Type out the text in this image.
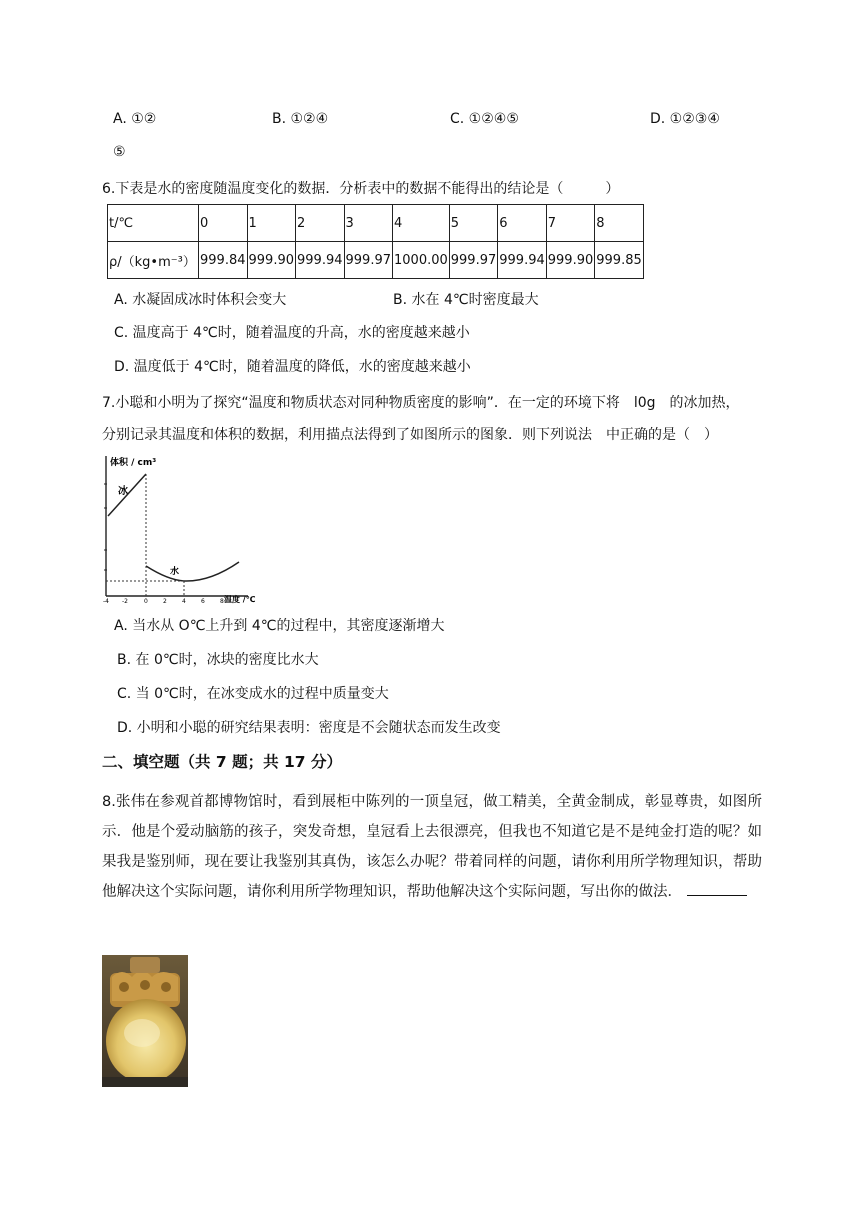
A. ①②	B. ①②④	C. ①②④⑤	D. ①②③④
⑤
6.下表是水的密度随温度变化的数据．分析表中的数据不能得出的结论是（　　　）
t/℃	0	1	2	3	4	5	6	7	8
ρ/（kg•m⁻³）	999.84	999.90	999.94	999.97	1000.00	999.97	999.94	999.90	999.85
A. 水凝固成冰时体积会变大	B. 水在 4℃时密度最大
C. 温度高于 4℃时，随着温度的升高，水的密度越来越小
D. 温度低于 4℃时，随着温度的降低，水的密度越来越小
7.小聪和小明为了探究“温度和物质状态对同种物质密度的影响”．在一定的环境下将　l0g　的冰加热，
分别记录其温度和体积的数据，利用描点法得到了如图所示的图象．则下列说法　中正确的是（　）
体积 / cm³
冰
水
-4 -2	0	2	4	6	8 温度 /℃
A. 当水从 O℃上升到 4℃的过程中，其密度逐渐增大
B. 在 0℃时，冰块的密度比水大
C. 当 0℃时，在冰变成水的过程中质量变大
D. 小明和小聪的研究结果表明：密度是不会随状态而发生改变
二、填空题（共 7 题；共 17 分）
8.张伟在参观首都博物馆时，看到展柜中陈列的一顶皇冠，做工精美，全黄金制成，彰显尊贵，如图所示．他是个爱动脑筋的孩子，突发奇想，皇冠看上去很漂亮，但我也不知道它是不是纯金打造的呢？如果我是鉴别师，现在要让我鉴别其真伪，该怎么办呢？带着同样的问题，请你利用所学物理知识，帮助他解决这个实际问题，请你利用所学物理知识，帮助他解决这个实际问题，写出你的做法．
